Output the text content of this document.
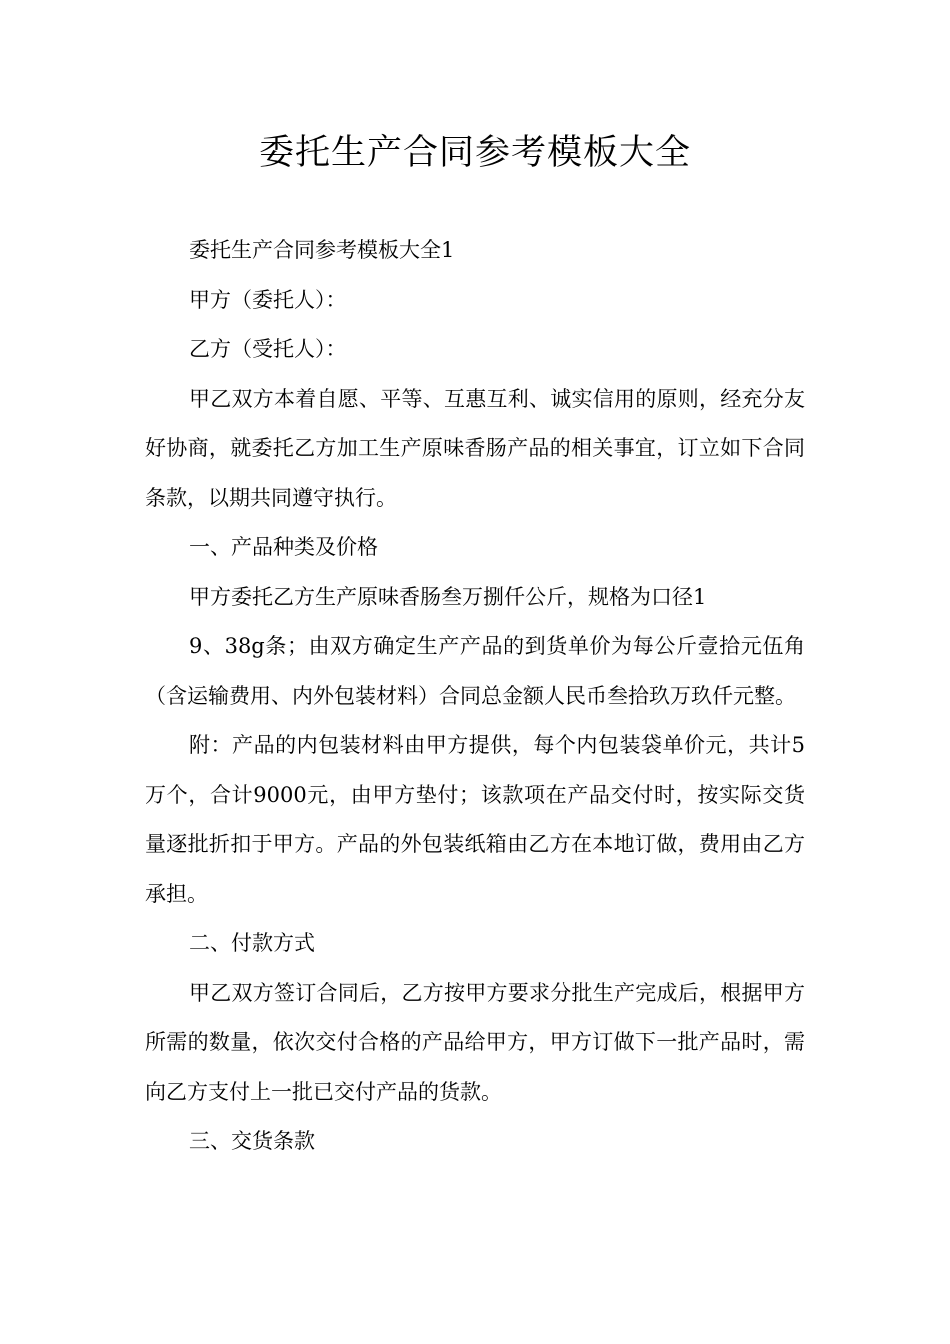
委托生产合同参考模板大全

委托生产合同参考模板大全1

甲方（委托人）：

乙方（受托人）：

甲乙双方本着自愿、平等、互惠互利、诚实信用的原则，经充分友好协商，就委托乙方加工生产原味香肠产品的相关事宜，订立如下合同条款，以期共同遵守执行。

一、产品种类及价格

甲方委托乙方生产原味香肠叁万捌仟公斤，规格为口径1

9、38g条；由双方确定生产产品的到货单价为每公斤壹拾元伍角（含运输费用、内外包装材料）合同总金额人民币叁拾玖万玖仟元整。

附：产品的内包装材料由甲方提供，每个内包装袋单价元，共计5万个，合计9000元，由甲方垫付；该款项在产品交付时，按实际交货量逐批折扣于甲方。产品的外包装纸箱由乙方在本地订做，费用由乙方承担。

二、付款方式

甲乙双方签订合同后，乙方按甲方要求分批生产完成后，根据甲方所需的数量，依次交付合格的产品给甲方，甲方订做下一批产品时，需向乙方支付上一批已交付产品的货款。

三、交货条款
